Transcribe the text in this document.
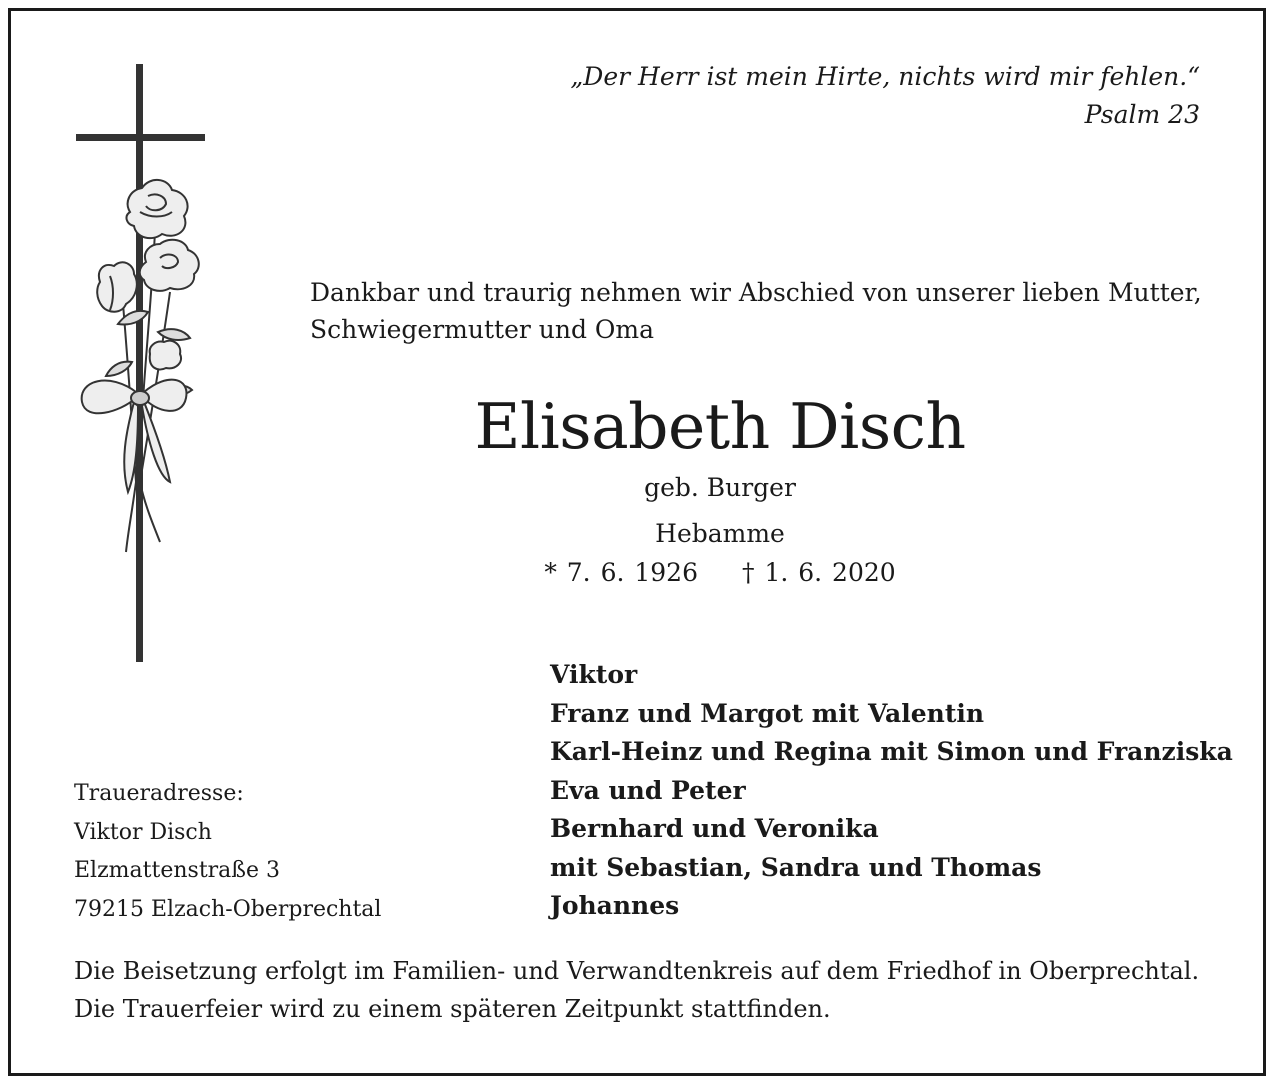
„Der Herr ist mein Hirte, nichts wird mir fehlen.“
Psalm 23
Dankbar und traurig nehmen wir Abschied von unserer lieben Mutter,
Schwiegermutter und Oma
Elisabeth Disch
geb. Burger
Hebamme
* 7. 6. 1926 † 1. 6. 2020
Viktor
Franz und Margot mit Valentin
Karl-Heinz und Regina mit Simon und Franziska
Eva und Peter
Bernhard und Veronika
mit Sebastian, Sandra und Thomas
Johannes
Traueradresse:
Viktor Disch
Elzmattenstraße 3
79215 Elzach-Oberprechtal
Die Beisetzung erfolgt im Familien- und Verwandtenkreis auf dem Friedhof in Oberprechtal.
Die Trauerfeier wird zu einem späteren Zeitpunkt stattfinden.
